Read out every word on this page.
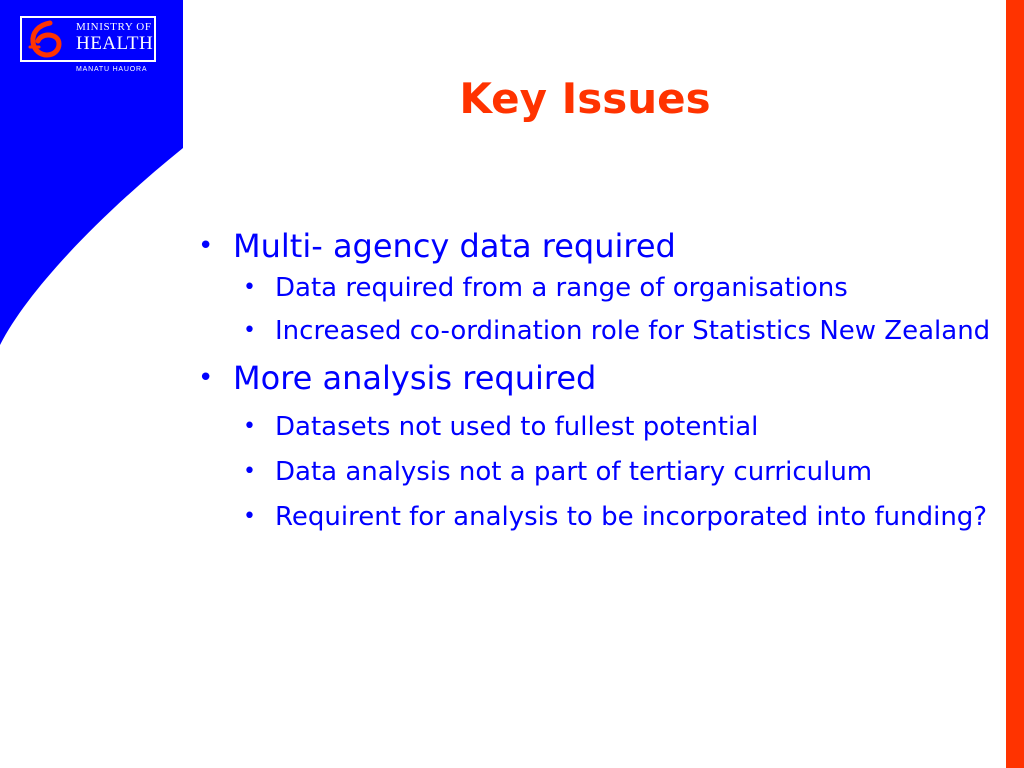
MINISTRY OF
HEALTH
MANATU HAUORA
Key Issues
• Multi- agency data required
• Data required from a range of organisations
• Increased co-ordination role for Statistics New Zealand
• More analysis required
• Datasets not used to fullest potential
• Data analysis not a part of tertiary curriculum
• Requirent for analysis to be incorporated into funding?
